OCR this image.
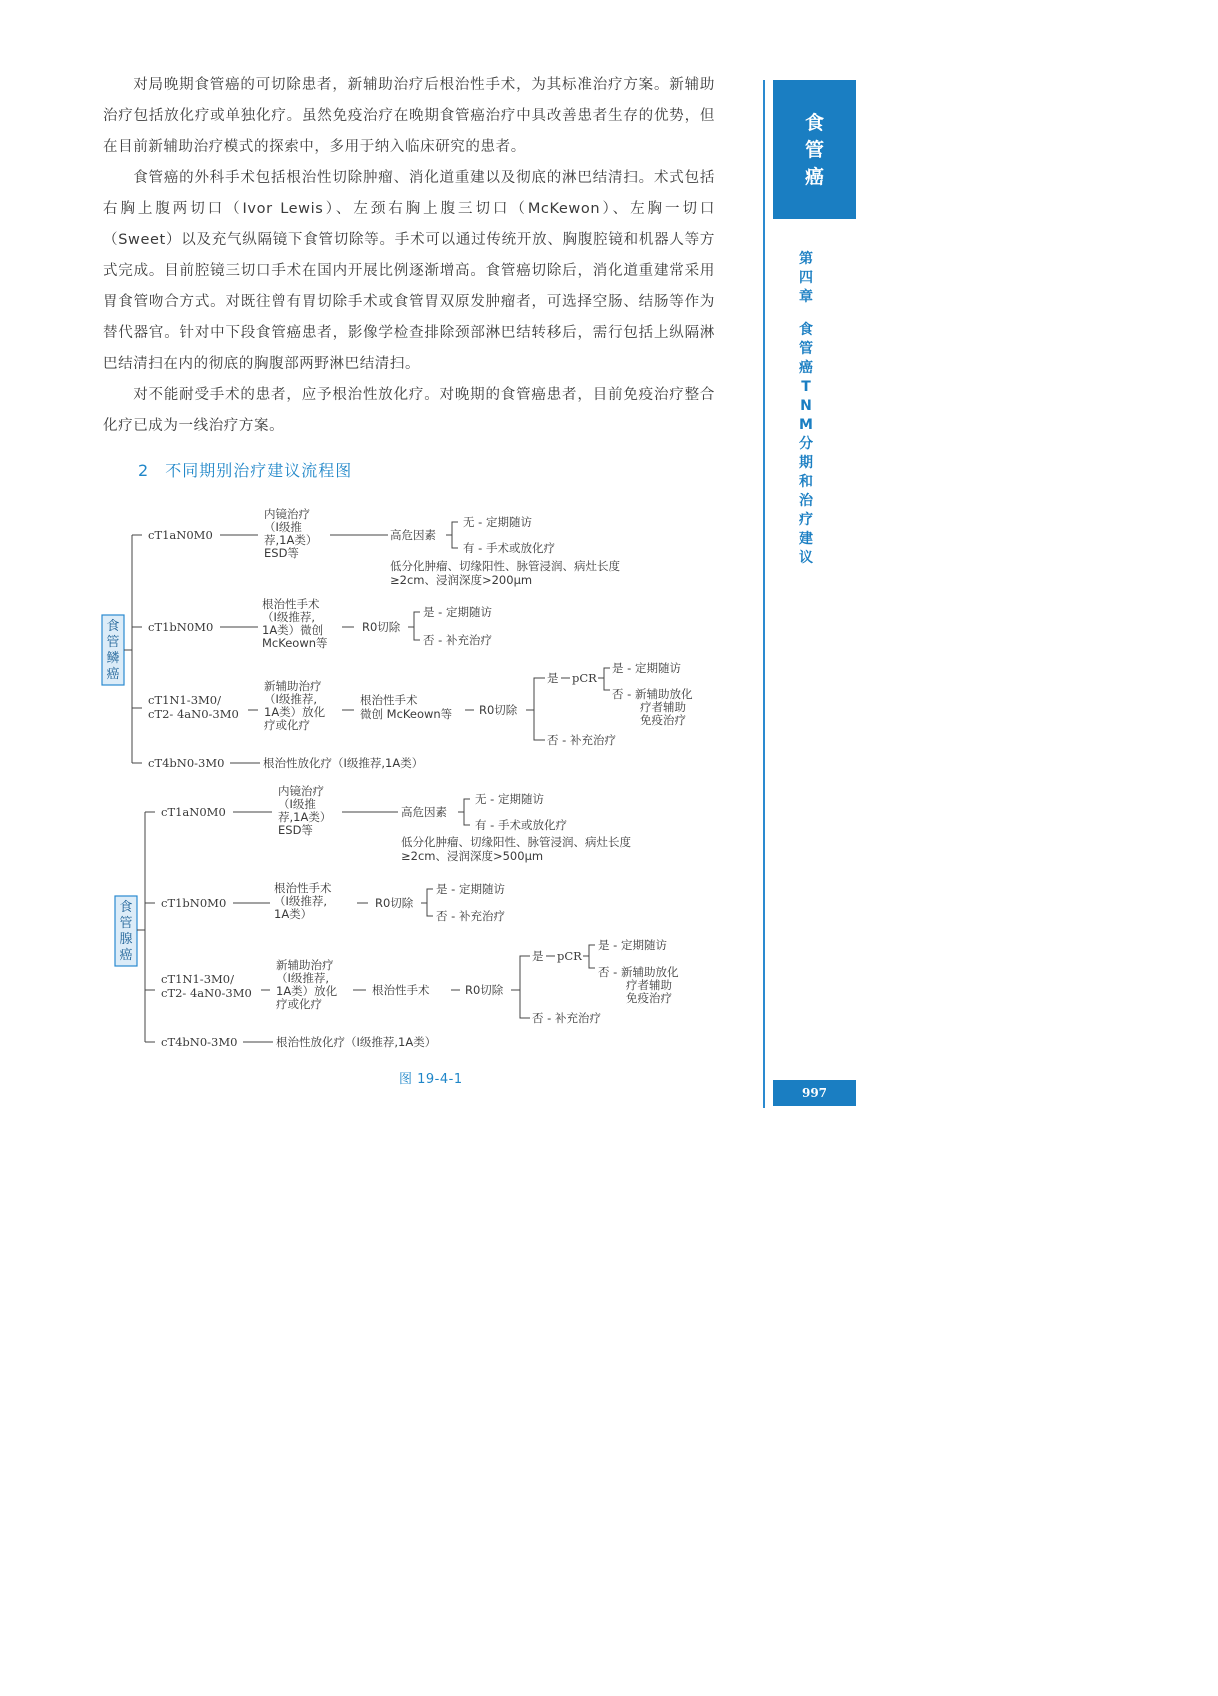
对局晚期食管癌的可切除患者，新辅助治疗后根治性手术，为其标准治疗方案。新辅助治疗包括放化疗或单独化疗。虽然免疫治疗在晚期食管癌治疗中具改善患者生存的优势，但在目前新辅助治疗模式的探索中，多用于纳入临床研究的患者。

食管癌的外科手术包括根治性切除肿瘤、消化道重建以及彻底的淋巴结清扫。术式包括右胸上腹两切口（Ivor Lewis）、左颈右胸上腹三切口（McKewon）、左胸一切口（Sweet）以及充气纵隔镜下食管切除等。手术可以通过传统开放、胸腹腔镜和机器人等方式完成。目前腔镜三切口手术在国内开展比例逐渐增高。食管癌切除后，消化道重建常采用胃食管吻合方式。对既往曾有胃切除手术或食管胃双原发肿瘤者，可选择空肠、结肠等作为替代器官。针对中下段食管癌患者，影像学检查排除颈部淋巴结转移后，需行包括上纵隔淋巴结清扫在内的彻底的胸腹部两野淋巴结清扫。

对不能耐受手术的患者，应予根治性放化疗。对晚期的食管癌患者，目前免疫治疗整合化疗已成为一线治疗方案。

2 不同期别治疗建议流程图
食
管
癌
第
四
章
食
管
癌
T
N
M
分
期
和
治
疗
建
议
997
食
管
鳞
癌
cT1aN0M0
内镜治疗
（Ⅰ级推
荐,1A类）
ESD等
高危因素
无 - 定期随访
有 - 手术或放化疗
低分化肿瘤、切缘阳性、脉管浸润、病灶长度
≥2cm、浸润深度>200μm
cT1bN0M0
根治性手术
（Ⅰ级推荐,
1A类）微创
McKeown等
R0切除
是 - 定期随访
否 - 补充治疗
cT1N1-3M0/
cT2- 4aN0-3M0
新辅助治疗
（Ⅰ级推荐,
1A类）放化
疗或化疗
根治性手术
微创 McKeown等 R0切除
是 pCR
是 - 定期随访
否 - 新辅助放化
疗者辅助
免疫治疗
否 - 补充治疗
cT4bN0-3M0	根治性放化疗（Ⅰ级推荐,1A类）
食
管
腺
癌
cT1aN0M0
内镜治疗
（Ⅰ级推
荐,1A类）
ESD等
高危因素
无 - 定期随访
有 - 手术或放化疗
低分化肿瘤、切缘阳性、脉管浸润、病灶长度
≥2cm、浸润深度>500μm
cT1bN0M0
根治性手术
（Ⅰ级推荐,
1A类）
R0切除
是 - 定期随访
否 - 补充治疗
cT1N1-3M0/
cT2- 4aN0-3M0
新辅助治疗
（Ⅰ级推荐,
1A类）放化
疗或化疗
根治性手术	R0切除
是 pCR
是 - 定期随访
否 - 新辅助放化
疗者辅助
免疫治疗
否 - 补充治疗
cT4bN0-3M0	根治性放化疗（Ⅰ级推荐,1A类）
图 19-4-1
